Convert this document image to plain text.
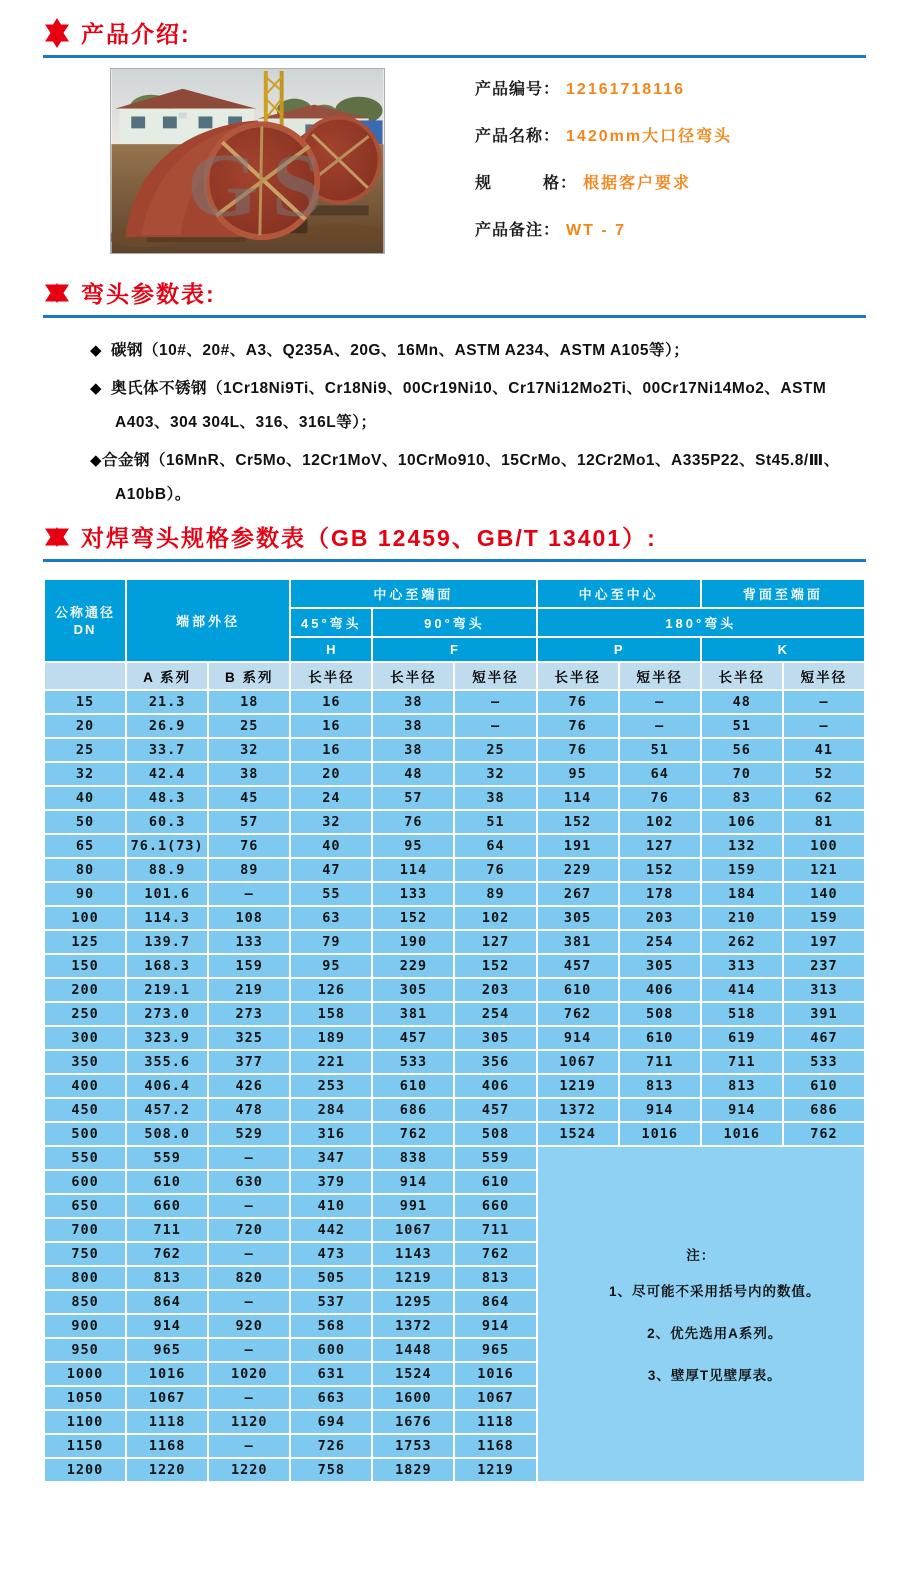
产品介绍:
GS
产品编号： 12161718116
产品名称： 1420mm大口径弯头
规　　　格： 根据客户要求
产品备注： WT - 7
弯头参数表:
◆ 碳钢（10#、20#、A3、Q235A、20G、16Mn、ASTM A234、ASTM A105等）；
◆ 奥氏体不锈钢（1Cr18Ni9Ti、Cr18Ni9、00Cr19Ni10、Cr17Ni12Mo2Ti、00Cr17Ni14Mo2、ASTM A403、304 304L、316、316L等）；
◆合金钢（16MnR、Cr5Mo、12Cr1MoV、10CrMo910、15CrMo、12Cr2Mo1、A335P22、St45.8/Ⅲ、A10bB）。
对焊弯头规格参数表（GB 12459、GB/T 13401）:
公称通径
DN	端部外径		中心至端面			中心至中心		背面至端面	
			45°弯头	90°弯头		180°弯头			
			H	F		P		K	
	A 系列	B 系列	长半径	长半径	短半径	长半径	短半径	长半径	短半径
15	21.3	18	16	38	—	76	—	48	—
20	26.9	25	16	38	—	76	—	51	—
25	33.7	32	16	38	25	76	51	56	41
32	42.4	38	20	48	32	95	64	70	52
40	48.3	45	24	57	38	114	76	83	62
50	60.3	57	32	76	51	152	102	106	81
65	76.1(73)	76	40	95	64	191	127	132	100
80	88.9	89	47	114	76	229	152	159	121
90	101.6	—	55	133	89	267	178	184	140
100	114.3	108	63	152	102	305	203	210	159
125	139.7	133	79	190	127	381	254	262	197
150	168.3	159	95	229	152	457	305	313	237
200	219.1	219	126	305	203	610	406	414	313
250	273.0	273	158	381	254	762	508	518	391
300	323.9	325	189	457	305	914	610	619	467
350	355.6	377	221	533	356	1067	711	711	533
400	406.4	426	253	610	406	1219	813	813	610
450	457.2	478	284	686	457	1372	914	914	686
500	508.0	529	316	762	508	1524	1016	1016	762
550	559	—	347	838	559	注：
1、尽可能不采用括号内的数值。
2、优先选用A系列。
3、壁厚T见壁厚表。			

600	610	630	379	914	610				
650	660	—	410	991	660				
700	711	720	442	1067	711				
750	762	—	473	1143	762				
800	813	820	505	1219	813				
850	864	—	537	1295	864				
900	914	920	568	1372	914				
950	965	—	600	1448	965				
1000	1016	1020	631	1524	1016				
1050	1067	—	663	1600	1067				
1100	1118	1120	694	1676	1118				
1150	1168	—	726	1753	1168				
1200	1220	1220	758	1829	1219				
